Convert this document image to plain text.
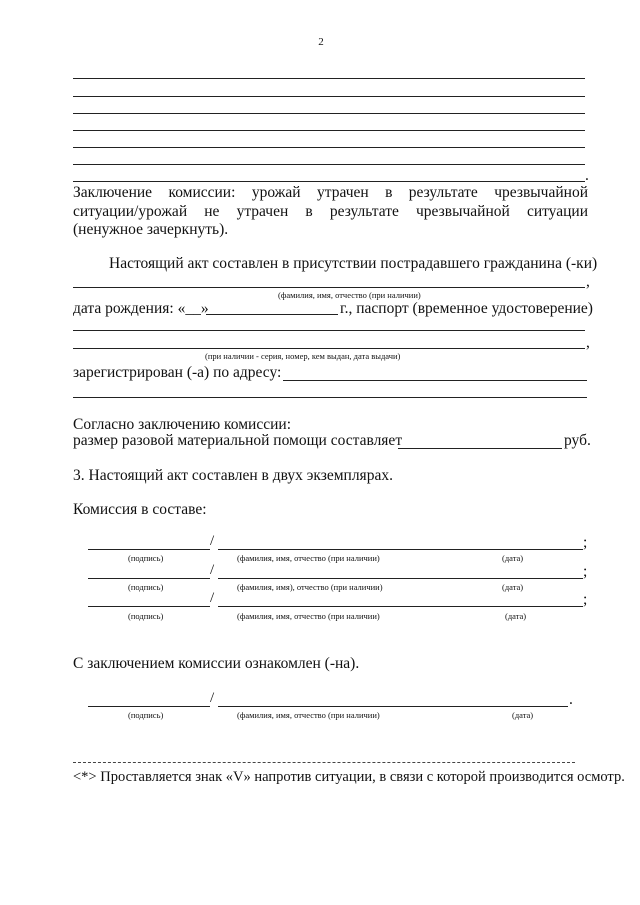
2
.
Заключение комиссии: урожай утрачен в результате чрезвычайной
ситуации/урожай не утрачен в результате чрезвычайной ситуации
(ненужное зачеркнуть).
Настоящий акт составлен в присутствии пострадавшего гражданина (-ки)
,
(фамилия, имя, отчество (при наличии)
дата рождения: «__»	г., паспорт (временное удостоверение)
,
(при наличии - серия, номер, кем выдан, дата выдачи)
зарегистрирован (-а) по адресу:
Согласно заключению комиссии:
размер разовой материальной помощи составляет	руб.
3. Настоящий акт составлен в двух экземплярах.
Комиссия в составе:
/	;
(подпись)	(фамилия, имя, отчество (при наличии)	(дата)
/	;
(подпись)	(фамилия, имя), отчество (при наличии)	(дата)
/	;
(подпись)	(фамилия, имя, отчество (при наличии)	(дата)
С заключением комиссии ознакомлен (-на).
/	.
(подпись)	(фамилия, имя, отчество (при наличии)	(дата)
<*> Проставляется знак «V» напротив ситуации, в связи с которой производится осмотр.
